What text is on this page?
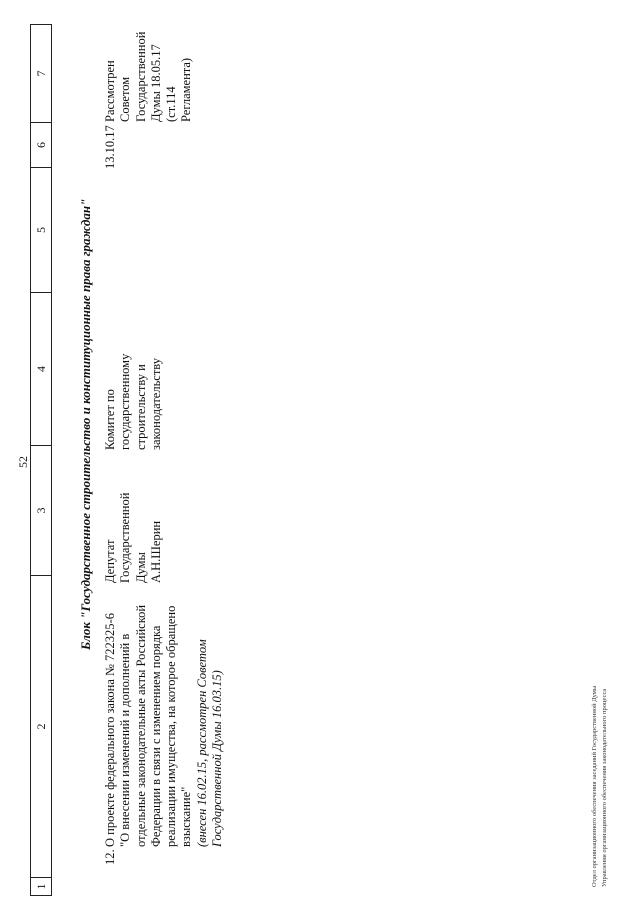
52
1
2
3
4
5
6
7
Блок "Государственное строительство и конституционные права граждан"
12.
О проекте федерального закона № 722325-6 "О внесении изменений и дополнений в отдельные законодательные акты Российской Федерации в связи с изменением порядка реализации имущества, на которое обращено взыскание" (внесен 16.02.15, рассмотрен Советом Государственной Думы 16.03.15)
Депутат Государственной Думы А.Н.Шерин
Комитет по государственному строительству и законодательству
13.10.17
Рассмотрен Советом Государственной Думы 18.05.17 (ст.114 Регламента)
Отдел организационного обеспечения заседаний Государственной Думы Управления организационного обеспечения законодательного процесса
